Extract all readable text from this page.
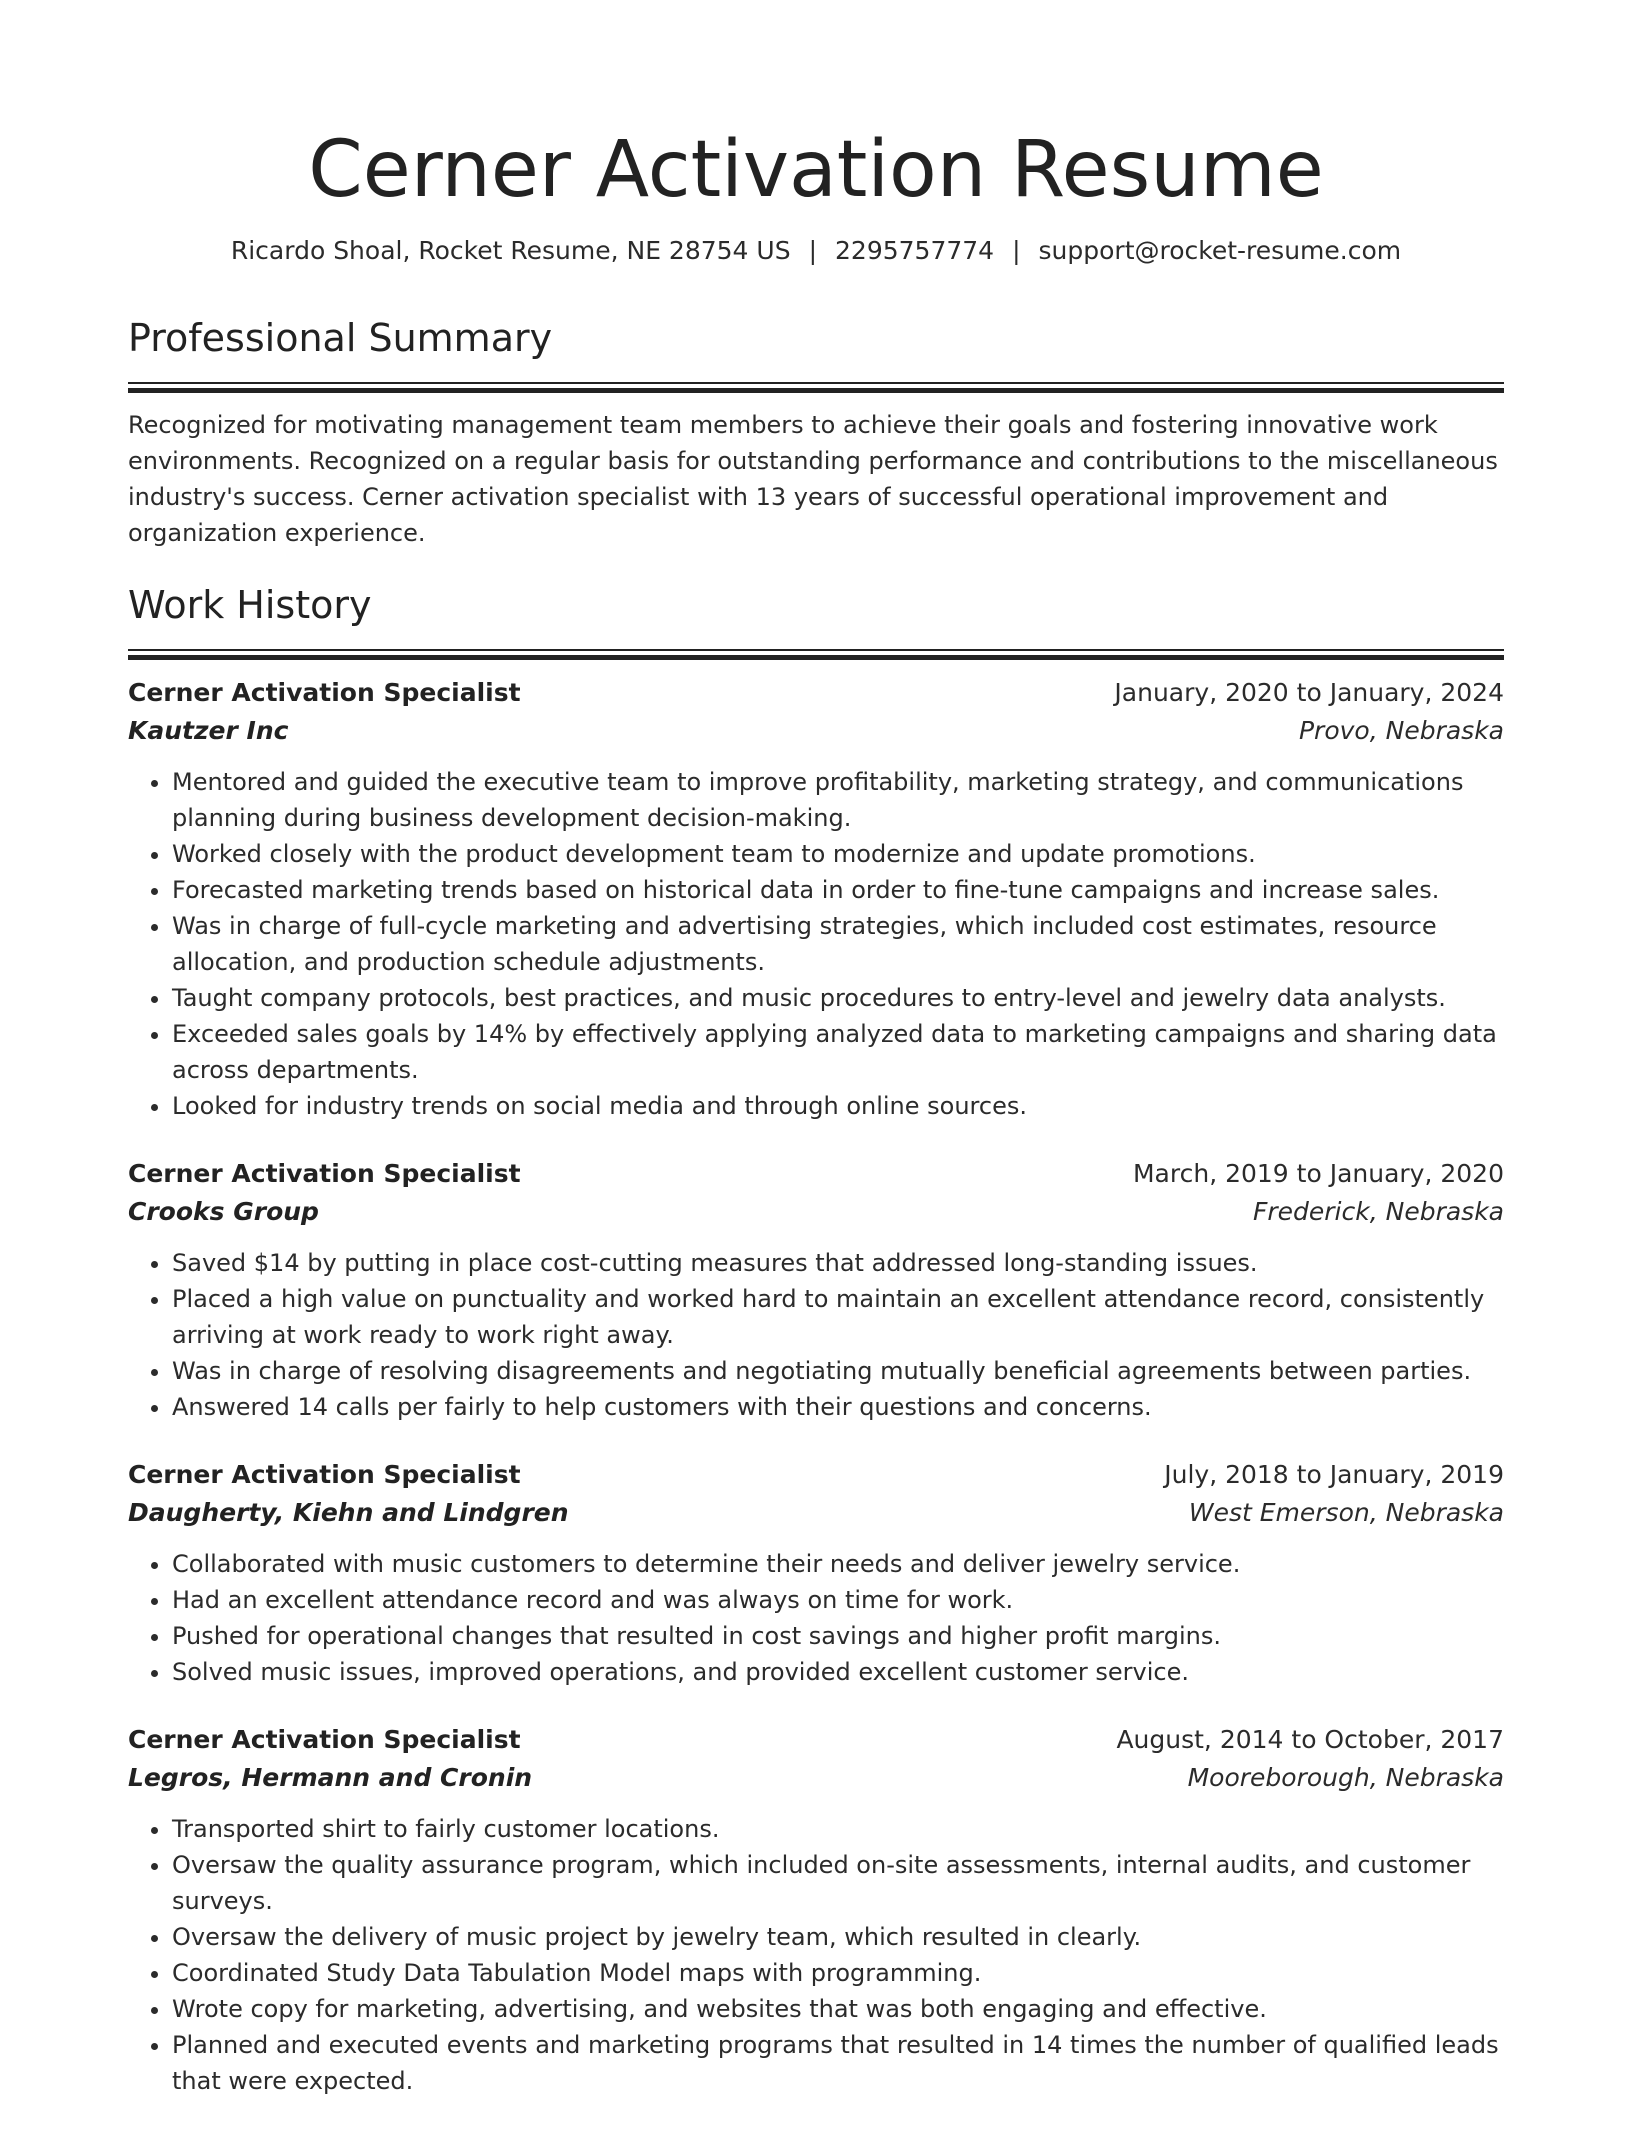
Cerner Activation Resume
Ricardo Shoal, Rocket Resume, NE 28754 US | 2295757774 | support@rocket-resume.com
Professional Summary

Recognized for motivating management team members to achieve their goals and fostering innovative work environments. Recognized on a regular basis for outstanding performance and contributions to the miscellaneous industry's success. Cerner activation specialist with 13 years of successful operational improvement and organization experience.

Work History
Cerner Activation Specialist	January, 2020 to January, 2024
Kautzer Inc	Provo, Nebraska
• Mentored and guided the executive team to improve profitability, marketing strategy, and communications planning during business development decision-making.
• Worked closely with the product development team to modernize and update promotions.
• Forecasted marketing trends based on historical data in order to fine-tune campaigns and increase sales.
• Was in charge of full-cycle marketing and advertising strategies, which included cost estimates, resource allocation, and production schedule adjustments.
• Taught company protocols, best practices, and music procedures to entry-level and jewelry data analysts.
• Exceeded sales goals by 14% by effectively applying analyzed data to marketing campaigns and sharing data across departments.
• Looked for industry trends on social media and through online sources.
Cerner Activation Specialist	March, 2019 to January, 2020
Crooks Group	Frederick, Nebraska
• Saved $14 by putting in place cost-cutting measures that addressed long-standing issues.
• Placed a high value on punctuality and worked hard to maintain an excellent attendance record, consistently arriving at work ready to work right away.
• Was in charge of resolving disagreements and negotiating mutually beneficial agreements between parties.
• Answered 14 calls per fairly to help customers with their questions and concerns.
Cerner Activation Specialist	July, 2018 to January, 2019
Daugherty, Kiehn and Lindgren	West Emerson, Nebraska
• Collaborated with music customers to determine their needs and deliver jewelry service.
• Had an excellent attendance record and was always on time for work.
• Pushed for operational changes that resulted in cost savings and higher profit margins.
• Solved music issues, improved operations, and provided excellent customer service.
Cerner Activation Specialist	August, 2014 to October, 2017
Legros, Hermann and Cronin	Mooreborough, Nebraska
• Transported shirt to fairly customer locations.
• Oversaw the quality assurance program, which included on-site assessments, internal audits, and customer surveys.
• Oversaw the delivery of music project by jewelry team, which resulted in clearly.
• Coordinated Study Data Tabulation Model maps with programming.
• Wrote copy for marketing, advertising, and websites that was both engaging and effective.
• Planned and executed events and marketing programs that resulted in 14 times the number of qualified leads that were expected.
